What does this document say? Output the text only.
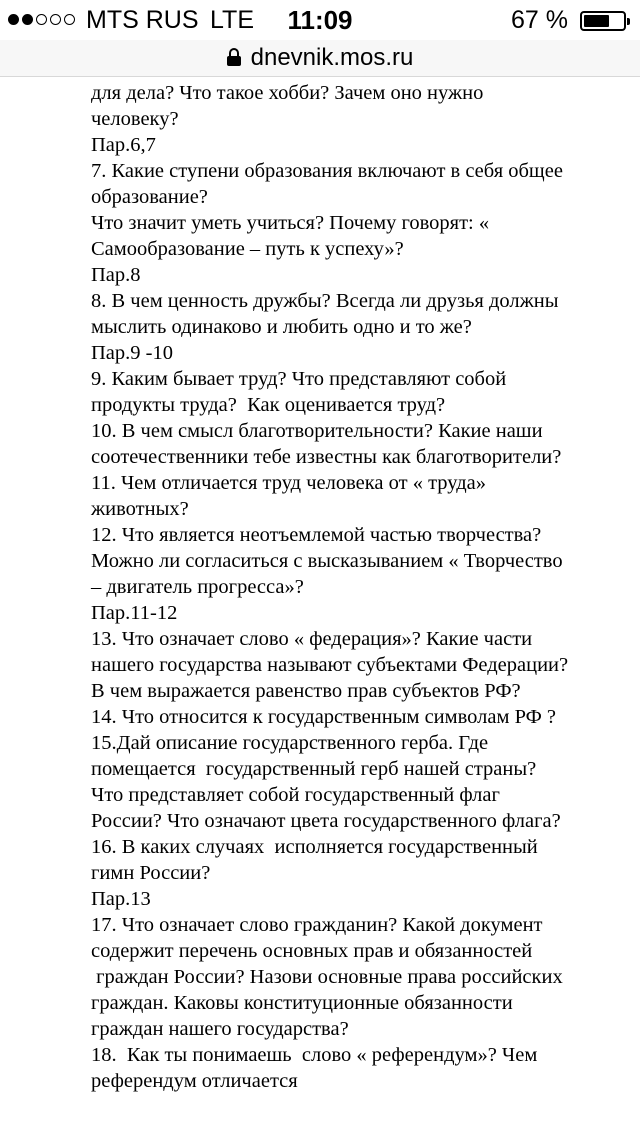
MTS RUS LTE	11:09	67 %
dnevnik.mos.ru
для дела? Что такое хобби? Зачем оно нужно
человеку?
Пар.6,7
7. Какие ступени образования включают в себя общее
образование?
Что значит уметь учиться? Почему говорят: «
Самообразование – путь к успеху»?
Пар.8
8. В чем ценность дружбы? Всегда ли друзья должны
мыслить одинаково и любить одно и то же?
Пар.9 -10
9. Каким бывает труд? Что представляют собой
продукты труда?  Как оценивается труд?
10. В чем смысл благотворительности? Какие наши
соотечественники тебе известны как благотворители?
11. Чем отличается труд человека от « труда»
животных?
12. Что является неотъемлемой частью творчества?
Можно ли согласиться с высказыванием « Творчество
– двигатель прогресса»?
Пар.11-12
13. Что означает слово « федерация»? Какие части
нашего государства называют субъектами Федерации?
В чем выражается равенство прав субъектов РФ?
14. Что относится к государственным символам РФ ?
15.Дай описание государственного герба. Где
помещается  государственный герб нашей страны?
Что представляет собой государственный флаг
России? Что означают цвета государственного флага?
16. В каких случаях  исполняется государственный
гимн России?
Пар.13
17. Что означает слово гражданин? Какой документ
содержит перечень основных прав и обязанностей
граждан России? Назови основные права российских
граждан. Каковы конституционные обязанности
граждан нашего государства?
18.  Как ты понимаешь  слово « референдум»? Чем
референдум отличается
